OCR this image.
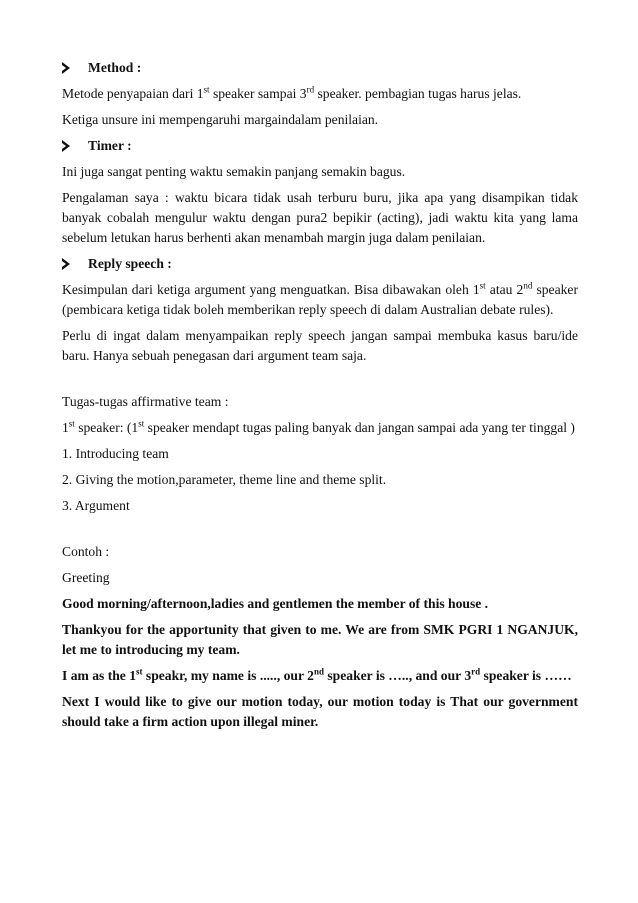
Method :

Metode penyapaian dari 1st speaker sampai 3rd speaker. pembagian tugas harus jelas.

Ketiga unsure ini mempengaruhi margaindalam penilaian.

Timer :

Ini juga sangat penting waktu semakin panjang semakin bagus.

Pengalaman saya : waktu bicara tidak usah terburu buru, jika apa yang disampikan tidak banyak cobalah mengulur waktu dengan pura2 bepikir (acting), jadi waktu kita yang lama sebelum letukan harus berhenti akan menambah margin juga dalam penilaian.

Reply speech :

Kesimpulan dari ketiga argument yang menguatkan. Bisa dibawakan oleh 1st atau 2nd speaker (pembicara ketiga tidak boleh memberikan reply speech di dalam Australian debate rules).

Perlu di ingat dalam menyampaikan reply speech jangan sampai membuka kasus baru/ide baru. Hanya sebuah penegasan dari argument team saja.

Tugas-tugas affirmative team :

1st speaker: (1st speaker mendapt tugas paling banyak dan jangan sampai ada yang ter tinggal )

1. Introducing team

2. Giving the motion,parameter, theme line and theme split.

3. Argument

Contoh :

Greeting

Good morning/afternoon,ladies and gentlemen the member of this house .

Thankyou for the apportunity that given to me. We are from SMK PGRI 1 NGANJUK, let me to introducing my team.

I am as the 1st speakr, my name is ....., our 2nd speaker is ….., and our 3rd speaker is ……

Next I would like to give our motion today, our motion today is That our government should take a firm action upon illegal miner.
